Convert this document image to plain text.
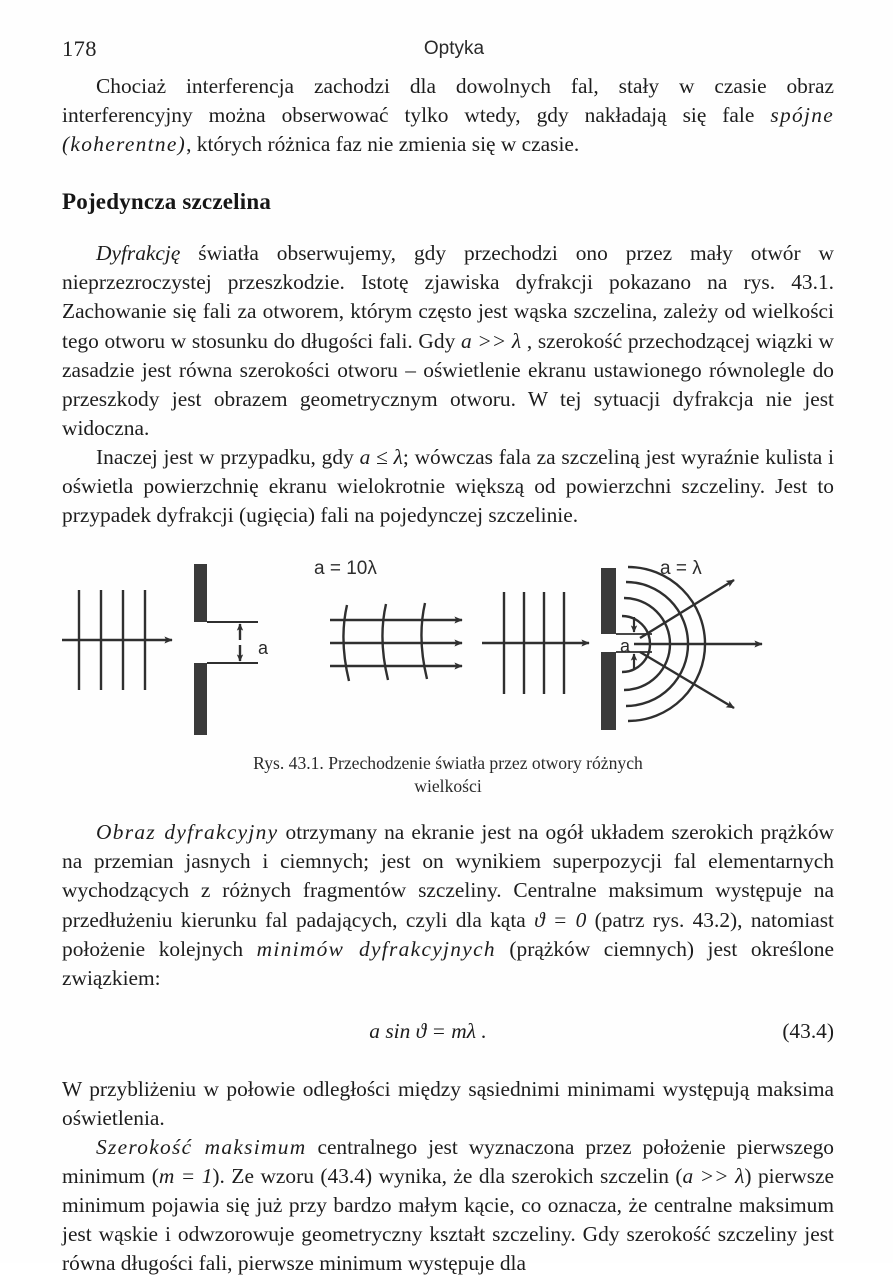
178	Optyka

Chociaż interferencja zachodzi dla dowolnych fal, stały w czasie obraz interferencyjny można obserwować tylko wtedy, gdy nakładają się fale spójne (koherentne), których różnica faz nie zmienia się w czasie.

Pojedyncza szczelina

Dyfrakcję światła obserwujemy, gdy przechodzi ono przez mały otwór w nieprzezroczystej przeszkodzie. Istotę zjawiska dyfrakcji pokazano na rys. 43.1. Zachowanie się fali za otworem, którym często jest wąska szczelina, zależy od wielkości tego otworu w stosunku do długości fali. Gdy a >> λ , szerokość przechodzącej wiązki w zasadzie jest równa szerokości otworu – oświetlenie ekranu ustawionego równolegle do przeszkody jest obrazem geometrycznym otworu. W tej sytuacji dyfrakcja nie jest widoczna.

Inaczej jest w przypadku, gdy a ≤ λ; wówczas fala za szczeliną jest wyraźnie kulista i oświetla powierzchnię ekranu wielokrotnie większą od powierzchni szczeliny. Jest to przypadek dyfrakcji (ugięcia) fali na pojedynczej szczelinie.

a = 10λ	a = λ
a	a
Rys. 43.1. Przechodzenie światła przez otwory różnych
wielkości

Obraz dyfrakcyjny otrzymany na ekranie jest na ogół układem szerokich prążków na przemian jasnych i ciemnych; jest on wynikiem superpozycji fal elementarnych wychodzących z różnych fragmentów szczeliny. Centralne maksimum występuje na przedłużeniu kierunku fal padających, czyli dla kąta ϑ = 0 (patrz rys. 43.2), natomiast położenie kolejnych minimów dyfrakcyjnych (prążków ciemnych) jest określone związkiem:

a sin ϑ = mλ .	(43.4)

W przybliżeniu w połowie odległości między sąsiednimi minimami występują maksima oświetlenia.

Szerokość maksimum centralnego jest wyznaczona przez położenie pierwszego minimum (m = 1). Ze wzoru (43.4) wynika, że dla szerokich szczelin (a >> λ) pierwsze minimum pojawia się już przy bardzo małym kącie, co oznacza, że centralne maksimum jest wąskie i odwzorowuje geometryczny kształt szczeliny. Gdy szerokość szczeliny jest równa długości fali, pierwsze minimum występuje dla
